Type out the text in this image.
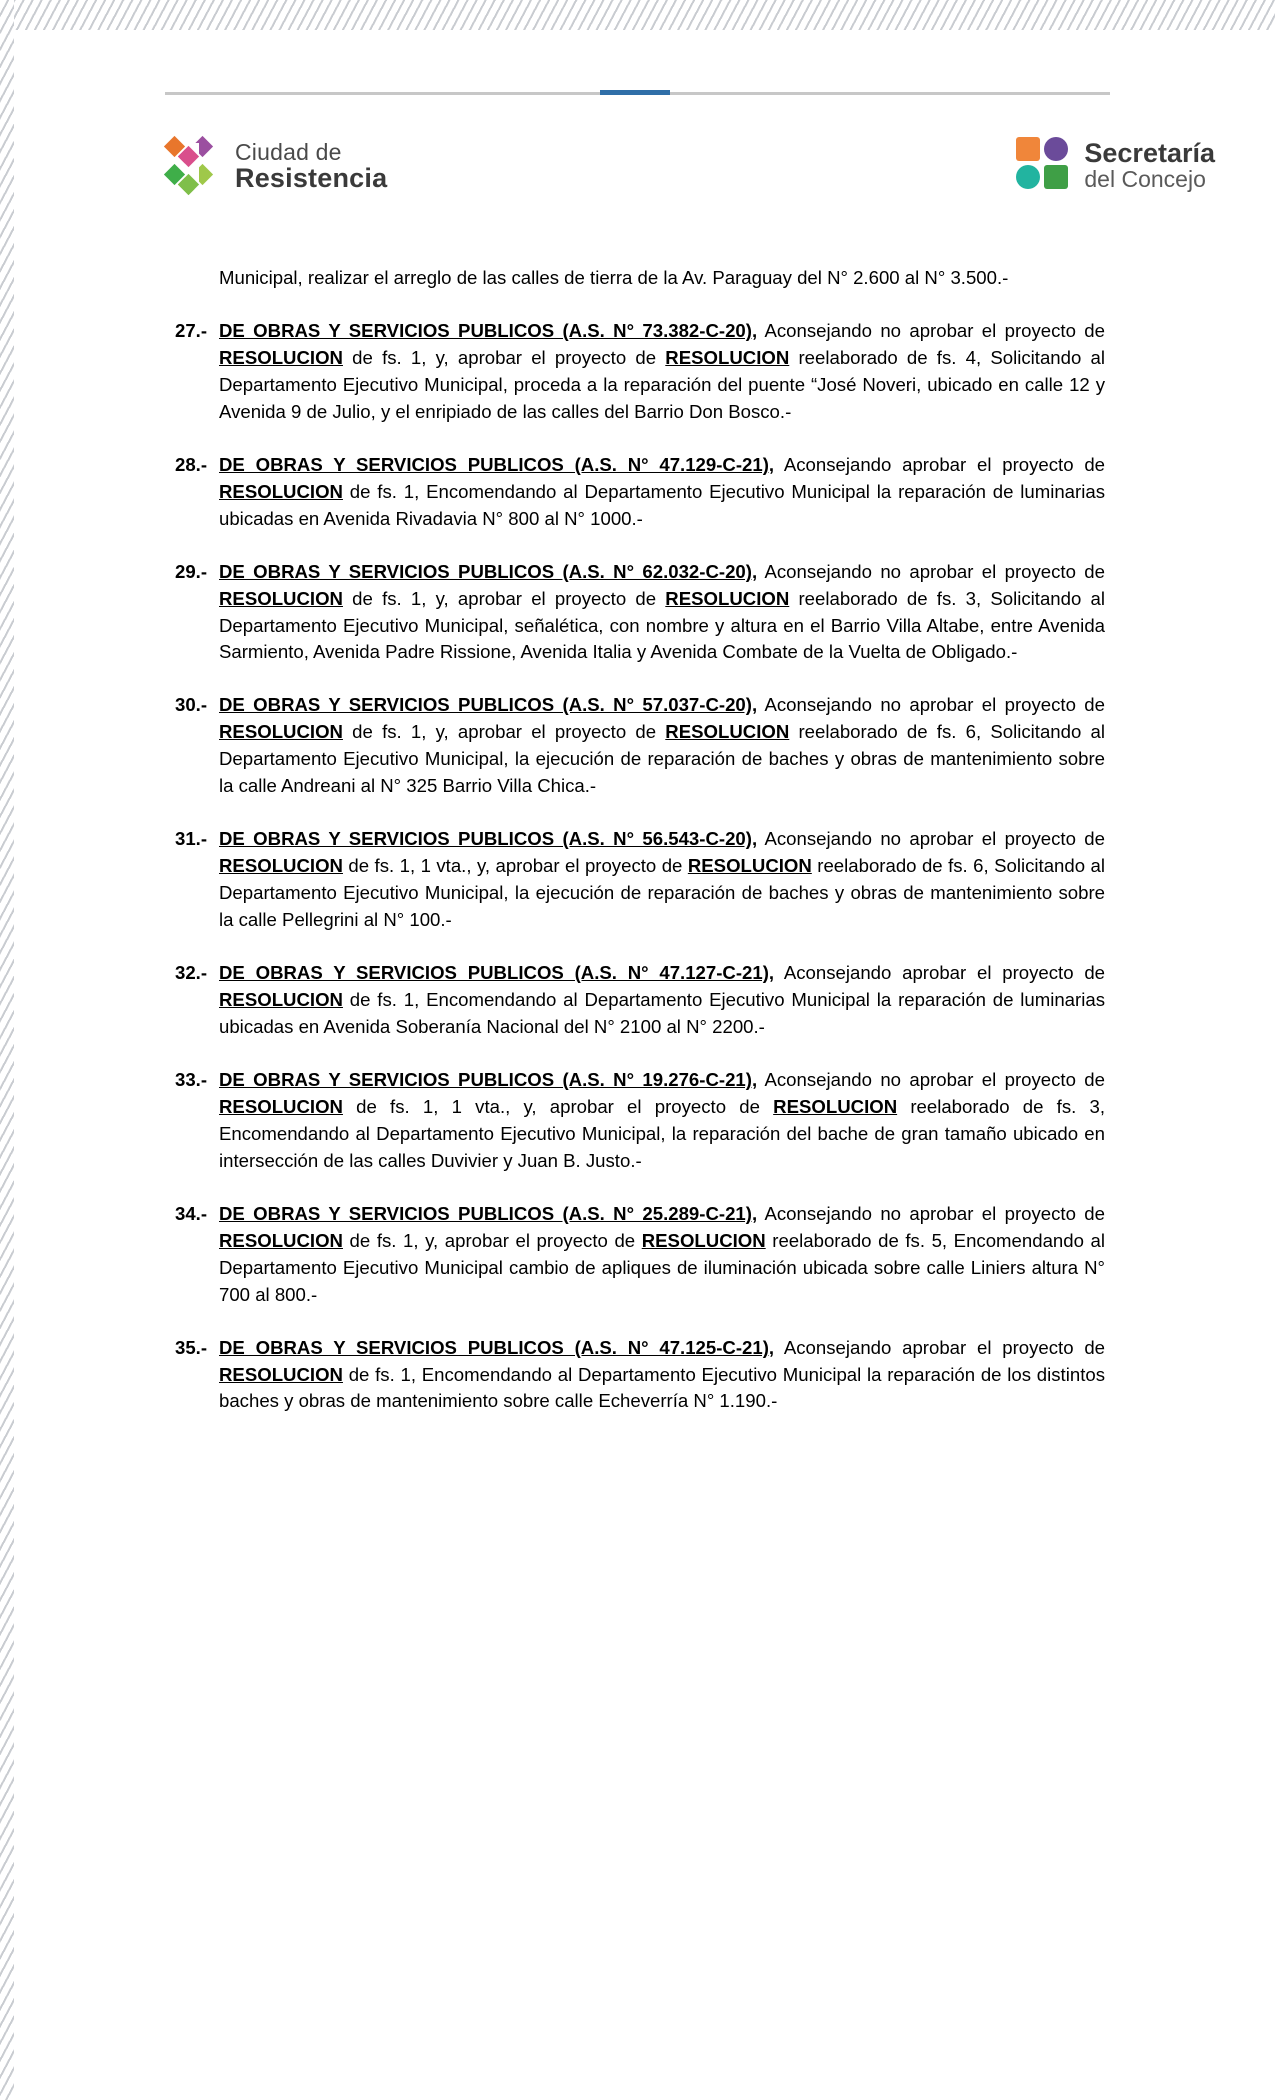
Ciudad de
Resistencia
Secretaría
del Concejo

Municipal, realizar el arreglo de las calles de tierra de la Av. Paraguay del N° 2.600 al N° 3.500.-

27.- DE OBRAS Y SERVICIOS PUBLICOS (A.S. N° 73.382-C-20), Aconsejando no aprobar el proyecto de RESOLUCION de fs. 1, y, aprobar el proyecto de RESOLUCION reelaborado de fs. 4, Solicitando al Departamento Ejecutivo Municipal, proceda a la reparación del puente “José Noveri, ubicado en calle 12 y Avenida 9 de Julio, y el enripiado de las calles del Barrio Don Bosco.-
28.- DE OBRAS Y SERVICIOS PUBLICOS (A.S. N° 47.129-C-21), Aconsejando aprobar el proyecto de RESOLUCION de fs. 1, Encomendando al Departamento Ejecutivo Municipal la reparación de luminarias ubicadas en Avenida Rivadavia N° 800 al N° 1000.-
29.- DE OBRAS Y SERVICIOS PUBLICOS (A.S. N° 62.032-C-20), Aconsejando no aprobar el proyecto de RESOLUCION de fs. 1, y, aprobar el proyecto de RESOLUCION reelaborado de fs. 3, Solicitando al Departamento Ejecutivo Municipal, señalética, con nombre y altura en el Barrio Villa Altabe, entre Avenida Sarmiento, Avenida Padre Rissione, Avenida Italia y Avenida Combate de la Vuelta de Obligado.-
30.- DE OBRAS Y SERVICIOS PUBLICOS (A.S. N° 57.037-C-20), Aconsejando no aprobar el proyecto de RESOLUCION de fs. 1, y, aprobar el proyecto de RESOLUCION reelaborado de fs. 6, Solicitando al Departamento Ejecutivo Municipal, la ejecución de reparación de baches y obras de mantenimiento sobre la calle Andreani al N° 325 Barrio Villa Chica.-
31.- DE OBRAS Y SERVICIOS PUBLICOS (A.S. N° 56.543-C-20), Aconsejando no aprobar el proyecto de RESOLUCION de fs. 1, 1 vta., y, aprobar el proyecto de RESOLUCION reelaborado de fs. 6, Solicitando al Departamento Ejecutivo Municipal, la ejecución de reparación de baches y obras de mantenimiento sobre la calle Pellegrini al N° 100.-
32.- DE OBRAS Y SERVICIOS PUBLICOS (A.S. N° 47.127-C-21), Aconsejando aprobar el proyecto de RESOLUCION de fs. 1, Encomendando al Departamento Ejecutivo Municipal la reparación de luminarias ubicadas en Avenida Soberanía Nacional del N° 2100 al N° 2200.-
33.- DE OBRAS Y SERVICIOS PUBLICOS (A.S. N° 19.276-C-21), Aconsejando no aprobar el proyecto de RESOLUCION de fs. 1, 1 vta., y, aprobar el proyecto de RESOLUCION reelaborado de fs. 3, Encomendando al Departamento Ejecutivo Municipal, la reparación del bache de gran tamaño ubicado en intersección de las calles Duvivier y Juan B. Justo.-
34.- DE OBRAS Y SERVICIOS PUBLICOS (A.S. N° 25.289-C-21), Aconsejando no aprobar el proyecto de RESOLUCION de fs. 1, y, aprobar el proyecto de RESOLUCION reelaborado de fs. 5, Encomendando al Departamento Ejecutivo Municipal cambio de apliques de iluminación ubicada sobre calle Liniers altura N° 700 al 800.-
35.- DE OBRAS Y SERVICIOS PUBLICOS (A.S. N° 47.125-C-21), Aconsejando aprobar el proyecto de RESOLUCION de fs. 1, Encomendando al Departamento Ejecutivo Municipal la reparación de los distintos baches y obras de mantenimiento sobre calle Echeverría N° 1.190.-
